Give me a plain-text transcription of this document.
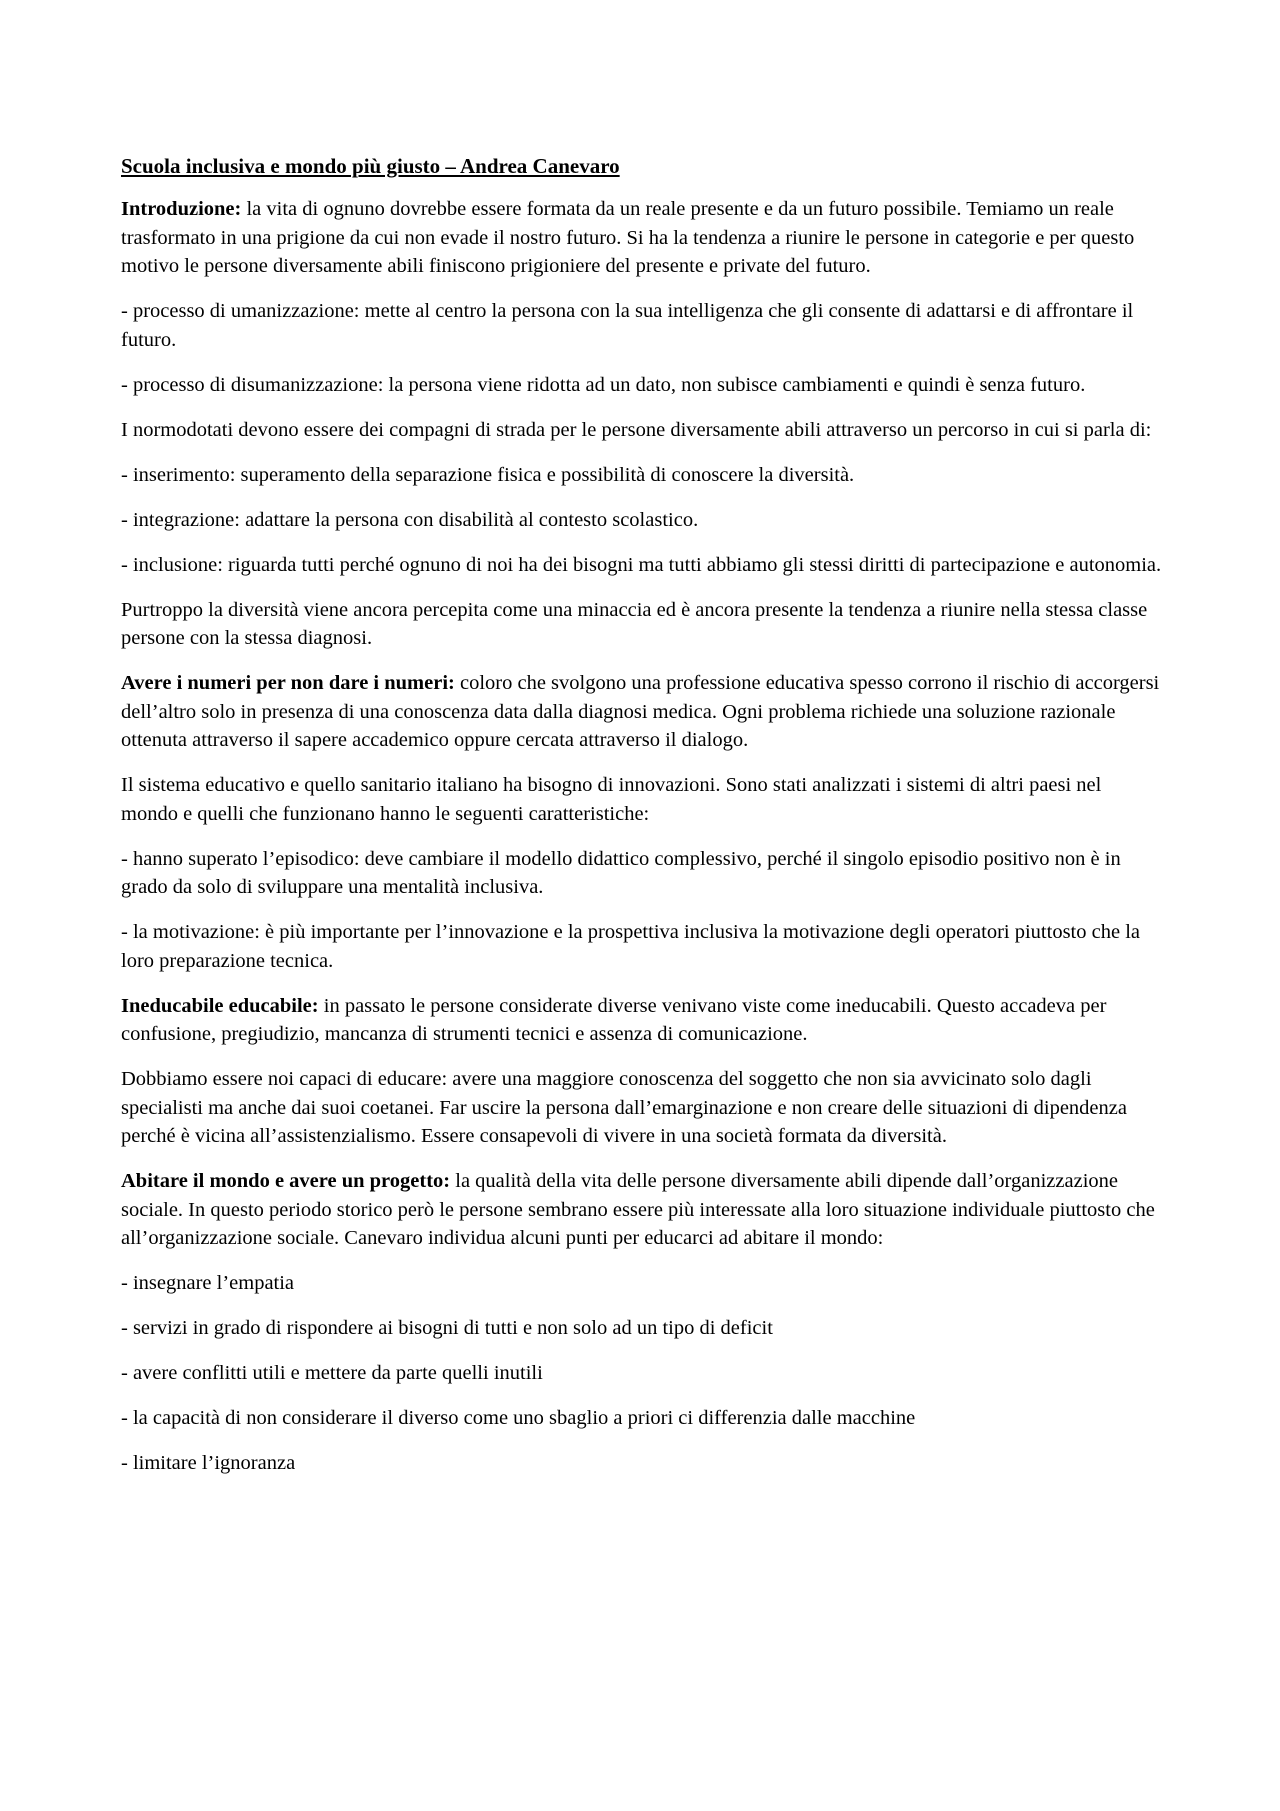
Scuola inclusiva e mondo più giusto – Andrea Canevaro

Introduzione: la vita di ognuno dovrebbe essere formata da un reale presente e da un futuro possibile. Temiamo un reale trasformato in una prigione da cui non evade il nostro futuro. Si ha la tendenza a riunire le persone in categorie e per questo motivo le persone diversamente abili finiscono prigioniere del presente e private del futuro.

- processo di umanizzazione: mette al centro la persona con la sua intelligenza che gli consente di adattarsi e di affrontare il futuro.

- processo di disumanizzazione: la persona viene ridotta ad un dato, non subisce cambiamenti e quindi è senza futuro.

I normodotati devono essere dei compagni di strada per le persone diversamente abili attraverso un percorso in cui si parla di:

- inserimento: superamento della separazione fisica e possibilità di conoscere la diversità.

- integrazione: adattare la persona con disabilità al contesto scolastico.

- inclusione: riguarda tutti perché ognuno di noi ha dei bisogni ma tutti abbiamo gli stessi diritti di partecipazione e autonomia.

Purtroppo la diversità viene ancora percepita come una minaccia ed è ancora presente la tendenza a riunire nella stessa classe persone con la stessa diagnosi.

Avere i numeri per non dare i numeri: coloro che svolgono una professione educativa spesso corrono il rischio di accorgersi dell’altro solo in presenza di una conoscenza data dalla diagnosi medica. Ogni problema richiede una soluzione razionale ottenuta attraverso il sapere accademico oppure cercata attraverso il dialogo.

Il sistema educativo e quello sanitario italiano ha bisogno di innovazioni. Sono stati analizzati i sistemi di altri paesi nel mondo e quelli che funzionano hanno le seguenti caratteristiche:

- hanno superato l’episodico: deve cambiare il modello didattico complessivo, perché il singolo episodio positivo non è in grado da solo di sviluppare una mentalità inclusiva.

- la motivazione: è più importante per l’innovazione e la prospettiva inclusiva la motivazione degli operatori piuttosto che la loro preparazione tecnica.

Ineducabile educabile: in passato le persone considerate diverse venivano viste come ineducabili. Questo accadeva per confusione, pregiudizio, mancanza di strumenti tecnici e assenza di comunicazione.

Dobbiamo essere noi capaci di educare: avere una maggiore conoscenza del soggetto che non sia avvicinato solo dagli specialisti ma anche dai suoi coetanei. Far uscire la persona dall’emarginazione e non creare delle situazioni di dipendenza perché è vicina all’assistenzialismo. Essere consapevoli di vivere in una società formata da diversità.

Abitare il mondo e avere un progetto: la qualità della vita delle persone diversamente abili dipende dall’organizzazione sociale. In questo periodo storico però le persone sembrano essere più interessate alla loro situazione individuale piuttosto che all’organizzazione sociale. Canevaro individua alcuni punti per educarci ad abitare il mondo:

- insegnare l’empatia

- servizi in grado di rispondere ai bisogni di tutti e non solo ad un tipo di deficit

- avere conflitti utili e mettere da parte quelli inutili

- la capacità di non considerare il diverso come uno sbaglio a priori ci differenzia dalle macchine

- limitare l’ignoranza
